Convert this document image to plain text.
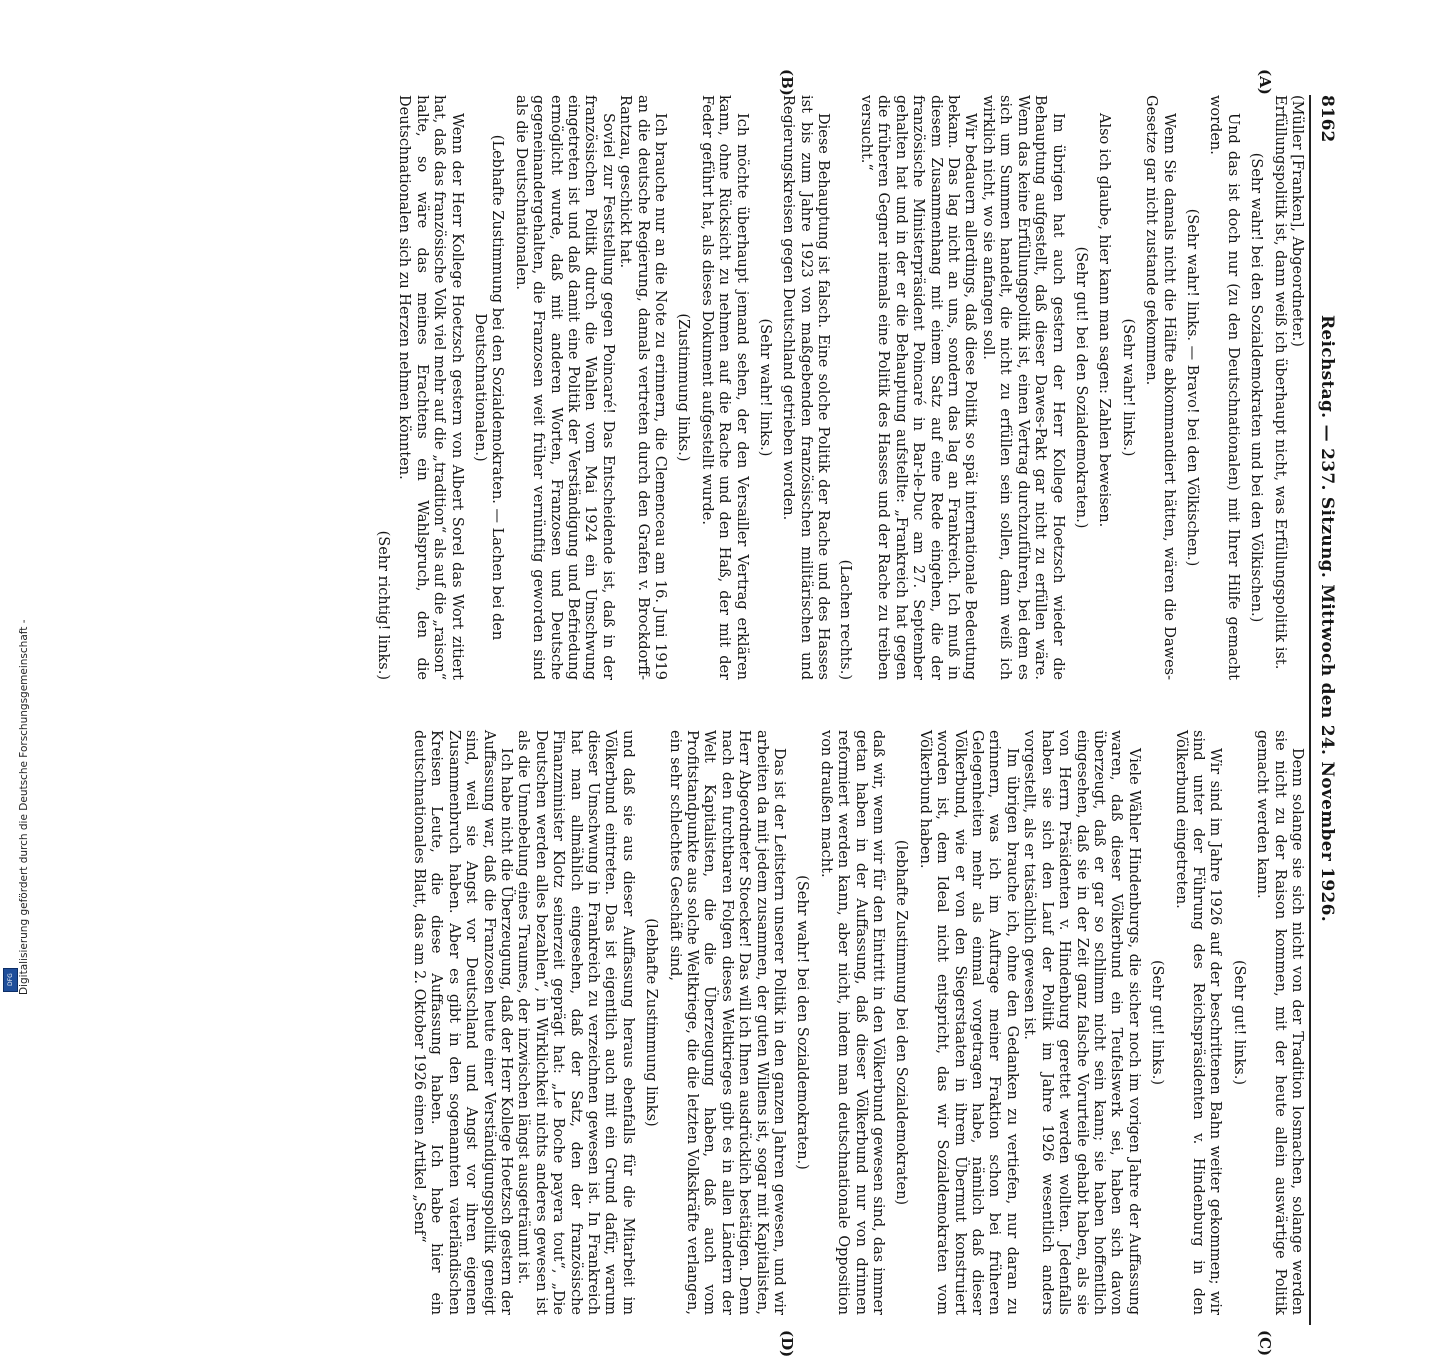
8162
Reichstag. — 237. Sitzung. Mittwoch den 24. November 1926.

(Müller [Franken], Abgeordneter.)

Erfüllungspolitik ist, dann weiß ich überhaupt nicht, was Erfüllungspolitik ist.

(Sehr wahr! bei den Sozialdemokraten und bei den Völkischen.)

Und das ist doch nur (zu den Deutschnationalen) mit Ihrer Hilfe gemacht worden.

(Sehr wahr! links. — Bravo! bei den Völkischen.)

Wenn Sie damals nicht die Hälfte abkommandiert hätten, wären die Dawes-Gesetze gar nicht zustande gekommen.

(Sehr wahr! links.)

Also ich glaube, hier kann man sagen: Zahlen beweisen.

(Sehr gut! bei den Sozialdemokraten.)

Im übrigen hat auch gestern der Herr Kollege Hoetzsch wieder die Behauptung aufgestellt, daß dieser Dawes-Pakt gar nicht zu erfüllen wäre. Wenn das keine Erfüllungspolitik ist, einen Vertrag durchzuführen, bei dem es sich um Summen handelt, die nicht zu erfüllen sein sollen, dann weiß ich wirklich nicht, wo sie anfangen soll.

Wir bedauern allerdings, daß diese Politik so spät internationale Bedeutung bekam. Das lag nicht an uns, sondern das lag an Frankreich. Ich muß in diesem Zusammenhang mit einem Satz auf eine Rede eingehen, die der französische Ministerpräsident Poincaré in Bar-le-Duc am 27. September gehalten hat und in der er die Behauptung aufstellte: „Frankreich hat gegen die früheren Gegner niemals eine Politik des Hasses und der Rache zu treiben versucht.“

(Lachen rechts.)

Diese Behauptung ist falsch. Eine solche Politik der Rache und des Hasses ist bis zum Jahre 1923 von maßgebenden französischen militärischen und Regierungskreisen gegen Deutschland getrieben worden.

(Sehr wahr! links.)

Ich möchte überhaupt jemand sehen, der den Versailler Vertrag erklären kann, ohne Rücksicht zu nehmen auf die Rache und den Haß, der mit der Feder geführt hat, als dieses Dokument aufgestellt wurde.

(Zustimmung links.)

Ich brauche nur an die Note zu erinnern, die Clemenceau am 16. Juni 1919 an die deutsche Regierung, damals vertreten durch den Grafen v. Brockdorff-Rantzau, geschickt hat.

Soviel zur Feststellung gegen Poincaré! Das Entscheidende ist, daß in der französischen Politik durch die Wahlen vom Mai 1924 ein Umschwung eingetreten ist und daß damit eine Politik der Verständigung und Befriedung ermöglicht wurde, daß mit anderen Worten, Franzosen und Deutsche gegeneinandergehalten, die Franzosen weit früher vernünftig geworden sind als die Deutschnationalen.

(Lebhafte Zustimmung bei den Sozialdemokraten. — Lachen bei den Deutschnationalen.)

Wenn der Herr Kollege Hoetzsch gestern von Albert Sorel das Wort zitiert hat, daß das französische Volk viel mehr auf die „tradition“ als auf die „raison“ halte, so wäre das meines Erachtens ein Wahlspruch, den die Deutschnationalen sich zu Herzen nehmen könnten.

(Sehr richtig! links.)

Denn solange sie sich nicht von der Tradition losmachen, solange werden sie nicht zu der Raison kommen, mit der heute allein auswärtige Politik gemacht werden kann.

(Sehr gut! links.)

Wir sind im Jahre 1926 auf der beschrittenen Bahn weiter gekommen; wir sind unter der Führung des Reichspräsidenten v. Hindenburg in den Völkerbund eingetreten.

(Sehr gut! links.)

Viele Wähler Hindenburgs, die sicher noch im vorigen Jahre der Auffassung waren, daß dieser Völkerbund ein Teufelswerk sei, haben sich davon überzeugt, daß er gar so schlimm nicht sein kann; sie haben hoffentlich eingesehen, daß sie in der Zeit ganz falsche Vorurteile gehabt haben, als sie von Herrn Präsidenten v. Hindenburg gerettet werden wollten. Jedenfalls haben sie sich den Lauf der Politik im Jahre 1926 wesentlich anders vorgestellt, als er tatsächlich gewesen ist.

Im übrigen brauche ich, ohne den Gedanken zu vertiefen, nur daran zu erinnern, was ich im Auftrage meiner Fraktion schon bei früheren Gelegenheiten mehr als einmal vorgetragen habe, nämlich daß dieser Völkerbund, wie er von den Siegerstaaten in ihrem Übermut konstruiert worden ist, dem Ideal nicht entspricht, das wir Sozialdemokraten vom Völkerbund haben.

(lebhafte Zustimmung bei den Sozialdemokraten)

daß wir, wenn wir für den Eintritt in den Völkerbund gewesen sind, das immer getan haben in der Auffassung, daß dieser Völkerbund nur von drinnen reformiert werden kann, aber nicht, indem man deutschnationale Opposition von draußen macht.

(Sehr wahr! bei den Sozialdemokraten.)

Das ist der Leitstern unserer Politik in den ganzen Jahren gewesen, und wir arbeiten da mit jedem zusammen, der guten Willens ist, sogar mit Kapitalisten, Herr Abgeordneter Stoecker! Das will ich Ihnen ausdrücklich bestätigen. Denn nach den furchtbaren Folgen dieses Weltkrieges gibt es in allen Ländern der Welt Kapitalisten, die die Überzeugung haben, daß auch vom Profitstandpunkte aus solche Weltkriege, die die letzten Volkskräfte verlangen, ein sehr schlechtes Geschäft sind,

(lebhafte Zustimmung links)

und daß sie aus dieser Auffassung heraus ebenfalls für die Mitarbeit im Völkerbund eintreten. Das ist eigentlich auch mit ein Grund dafür, warum dieser Umschwung in Frankreich zu verzeichnen gewesen ist. In Frankreich hat man allmählich eingesehen, daß der Satz, den der französische Finanzminister Klotz seinerzeit geprägt hat: „Le Boche payera tout“, „Die Deutschen werden alles bezahlen“, in Wirklichkeit nichts anderes gewesen ist als die Umnebelung eines Traumes, der inzwischen längst ausgeträumt ist.

Ich habe nicht die Überzeugung, daß der Herr Kollege Hoetzsch gestern der Auffassung war, daß die Franzosen heute einer Verständigungspolitik geneigt sind, weil sie Angst vor Deutschland und Angst vor ihren eigenen Zusammenbruch haben. Aber es gibt in den sogenannten vaterländischen Kreisen Leute, die diese Auffassung haben. Ich habe hier ein deutschnationales Blatt, das am 2. Oktober 1926 einen Artikel „Senf“

(A)
(B)
(C)
(D)
Digitalisierung gefördert durch die Deutsche Forschungsgemeinschaft -
DFG
